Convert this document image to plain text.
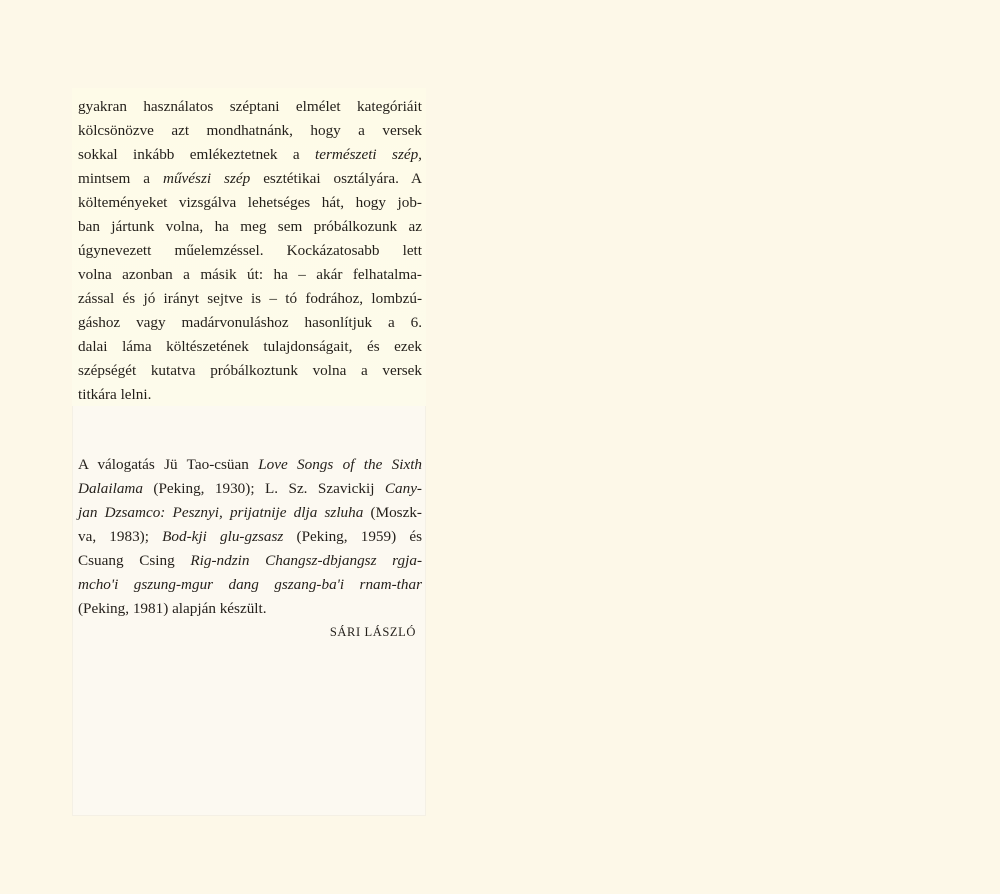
gyakran használatos széptani elmélet kategóriáit
kölcsönözve azt mondhatnánk, hogy a versek
sokkal inkább emlékeztetnek a természeti szép,
mintsem a művészi szép esztétikai osztályára. A
költeményeket vizsgálva lehetséges hát, hogy job-
ban jártunk volna, ha meg sem próbálkozunk az
úgynevezett műelemzéssel. Kockázatosabb lett
volna azonban a másik út: ha – akár felhatalma-
zással és jó irányt sejtve is – tó fodrához, lombzú-
gáshoz vagy madárvonuláshoz hasonlítjuk a 6.
dalai láma költészetének tulajdonságait, és ezek
szépségét kutatva próbálkoztunk volna a versek
titkára lelni.
A válogatás Jü Tao-csüan Love Songs of the Sixth
Dalailama (Peking, 1930); L. Sz. Szavickij Cany-
jan Dzsamco: Pesznyi, prijatnije dlja szluha (Moszk-
va, 1983); Bod-kji glu-gzsasz (Peking, 1959) és
Csuang Csing Rig-ndzin Changsz-dbjangsz rgja-
mcho'i gszung-mgur dang gszang-ba'i rnam-thar
(Peking, 1981) alapján készült.
SÁRI LÁSZLÓ
